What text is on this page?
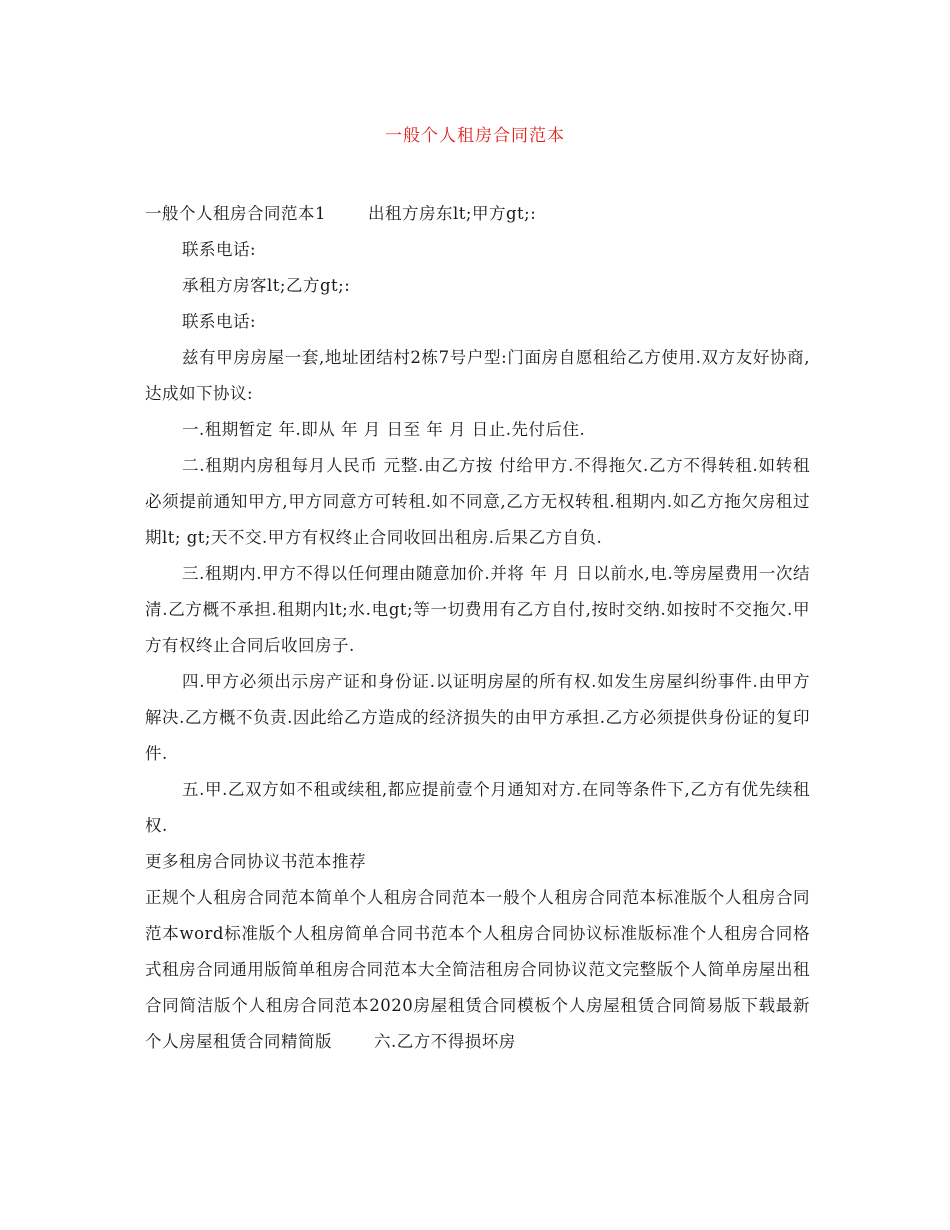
一般个人租房合同范本

一般个人租房合同范本1	出租方房东lt;甲方gt;:

联系电话:

承租方房客lt;乙方gt;:

联系电话:

兹有甲房房屋一套,地址团结村2栋7号户型:门面房自愿租给乙方使用.双方友好协商,达成如下协议:

一.租期暂定 年.即从 年 月 日至 年 月 日止.先付后住.

二.租期内房租每月人民币 元整.由乙方按 付给甲方.不得拖欠.乙方不得转租.如转租必须提前通知甲方,甲方同意方可转租.如不同意,乙方无权转租.租期内.如乙方拖欠房租过期lt; gt;天不交.甲方有权终止合同收回出租房.后果乙方自负.

三.租期内.甲方不得以任何理由随意加价.并将 年 月 日以前水,电.等房屋费用一次结清.乙方概不承担.租期内lt;水.电gt;等一切费用有乙方自付,按时交纳.如按时不交拖欠.甲方有权终止合同后收回房子.

四.甲方必须出示房产证和身份证.以证明房屋的所有权.如发生房屋纠纷事件.由甲方解决.乙方概不负责.因此给乙方造成的经济损失的由甲方承担.乙方必须提供身份证的复印件.

五.甲.乙双方如不租或续租,都应提前壹个月通知对方.在同等条件下,乙方有优先续租权.

更多租房合同协议书范本推荐

正规个人租房合同范本简单个人租房合同范本一般个人租房合同范本标准版个人租房合同范本word标准版个人租房简单合同书范本个人租房合同协议标准版标准个人租房合同格式租房合同通用版简单租房合同范本大全简洁租房合同协议范文完整版个人简单房屋出租合同简洁版个人租房合同范本2020房屋租赁合同模板个人房屋租赁合同简易版下载最新个人房屋租赁合同精简版	六.乙方不得损坏房
